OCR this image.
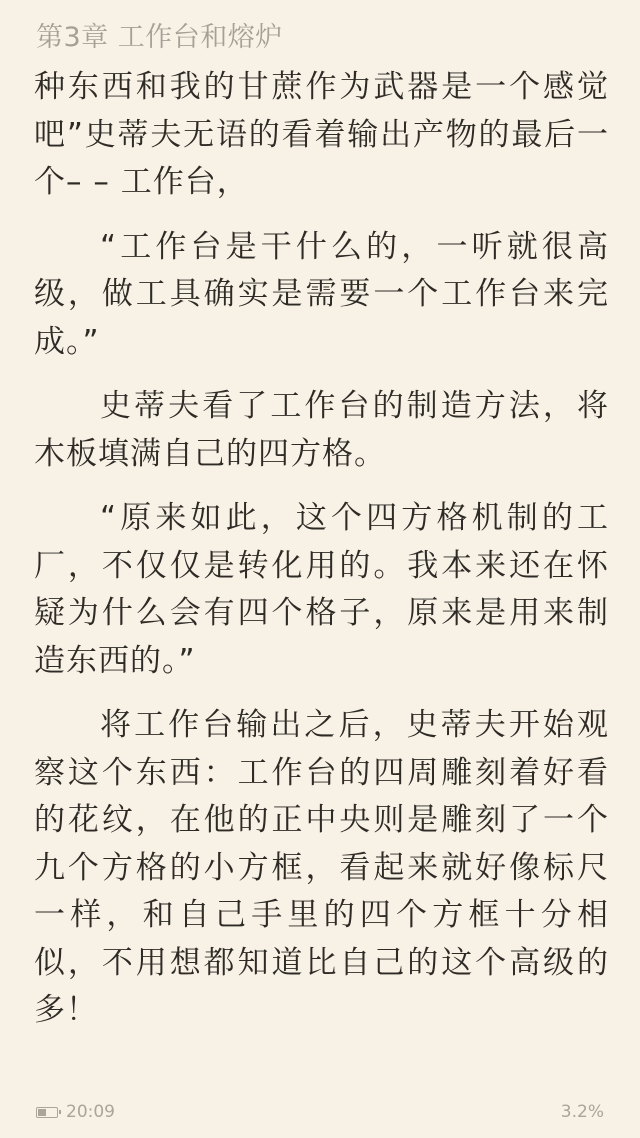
第3章 工作台和熔炉

种东西和我的甘蔗作为武器是一个感觉吧”史蒂夫无语的看着输出产物的最后一个– – 工作台，

“工作台是干什么的，一听就很高级，做工具确实是需要一个工作台来完成。”

史蒂夫看了工作台的制造方法，将木板填满自己的四方格。

“原来如此，这个四方格机制的工厂，不仅仅是转化用的。我本来还在怀疑为什么会有四个格子，原来是用来制造东西的。”

将工作台输出之后，史蒂夫开始观察这个东西：工作台的四周雕刻着好看的花纹，在他的正中央则是雕刻了一个九个方格的小方框，看起来就好像标尺一样，和自己手里的四个方框十分相似，不用想都知道比自己的这个高级的多！

20:09	3.2%
